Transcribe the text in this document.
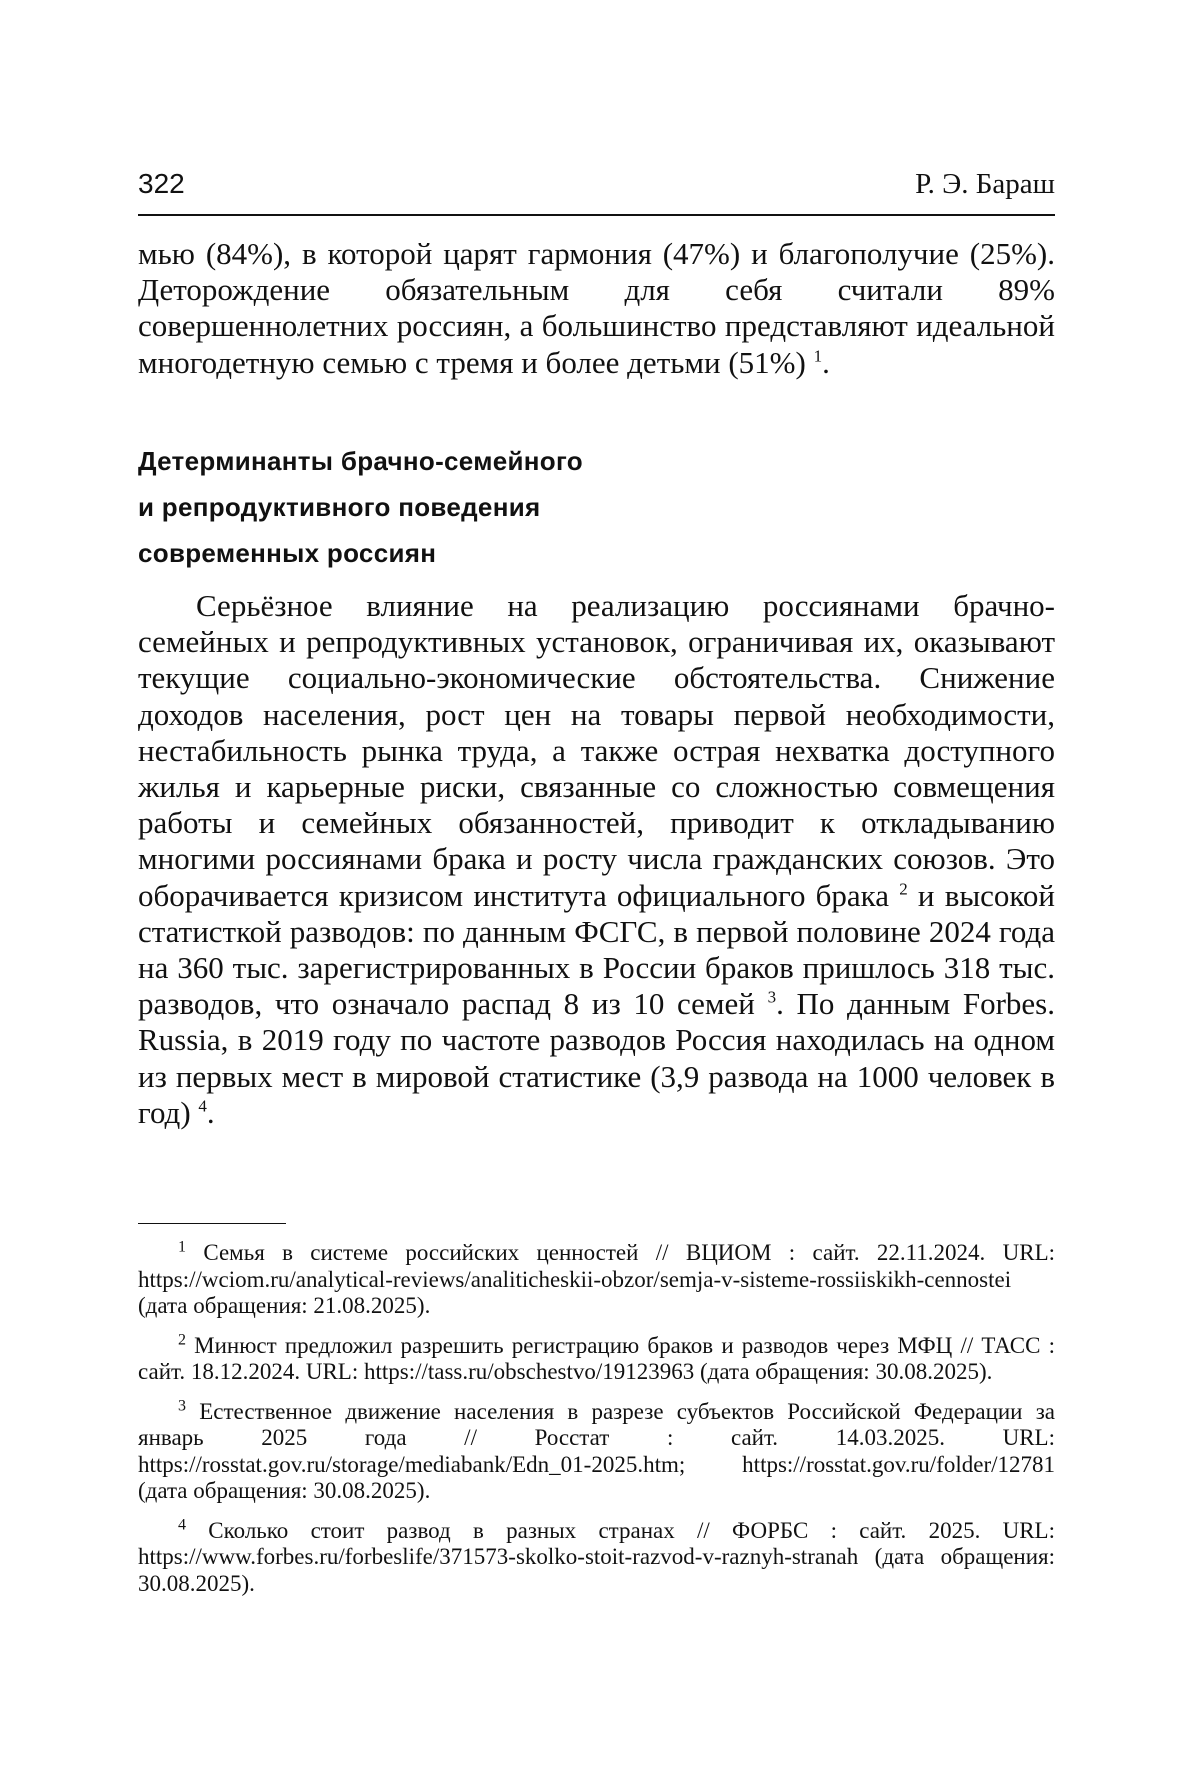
322	Р. Э. Бараш

мью (84%), в которой царят гармония (47%) и благополучие (25%). Деторождение обязательным для себя считали 89% совершеннолетних россиян, а большинство представляют идеальной многодетную семью с тремя и более детьми (51%) $^1$.

Детерминанты брачно-семейного
и репродуктивного поведения
современных россиян

Серьёзное влияние на реализацию россиянами брачно-семейных и репродуктивных установок, ограничивая их, оказывают текущие социально-экономические обстоятельства. Снижение доходов населения, рост цен на товары первой необходимости, нестабильность рынка труда, а также острая нехватка доступного жилья и карьерные риски, связанные со сложностью совмещения работы и семейных обязанностей, приводит к откладыванию многими россиянами брака и росту числа гражданских союзов. Это оборачивается кризисом института официального брака $^2$ и высокой статисткой разводов: по данным ФСГС, в первой половине 2024 года на 360 тыс. зарегистрированных в России браков пришлось 318 тыс. разводов, что означало распад 8 из 10 семей $^3$. По данным Forbes. Russia, в 2019 году по частоте разводов Россия находилась на одном из первых мест в мировой статистике (3,9 развода на 1000 человек в год) $^4$.

$^1$ Семья в системе российских ценностей // ВЦИОМ : сайт. 22.11.2024. URL: https://wciom.ru/analytical-reviews/analiticheskii-obzor/semja-v-sisteme-rossiiskikh-cennostei (дата обращения: 21.08.2025).

$^2$ Минюст предложил разрешить регистрацию браков и разводов через МФЦ // ТАСС : сайт. 18.12.2024. URL: https://tass.ru/obschestvo/19123963 (дата обращения: 30.08.2025).

$^3$ Естественное движение населения в разрезе субъектов Российской Федерации за январь 2025 года // Росстат : сайт. 14.03.2025. URL: https://rosstat.gov.ru/storage/mediabank/Edn_01-2025.htm; https://rosstat.gov.ru/folder/12781 (дата обращения: 30.08.2025).

$^4$ Сколько стоит развод в разных странах // ФОРБС : сайт. 2025. URL: https://www.forbes.ru/forbeslife/371573-skolko-stoit-razvod-v-raznyh-stranah (дата обращения: 30.08.2025).
